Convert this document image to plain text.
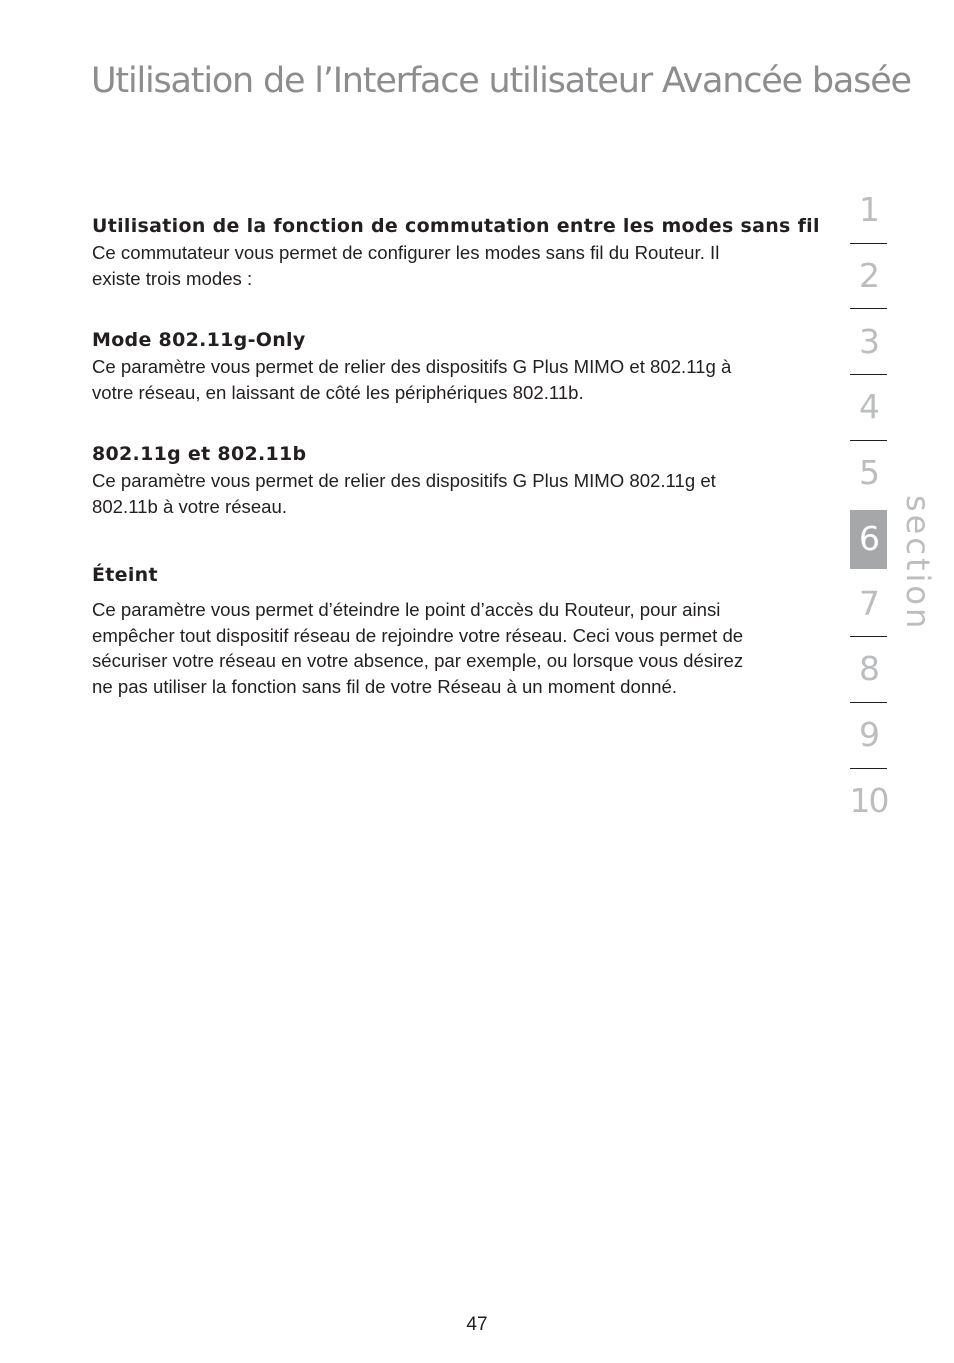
Utilisation de l’Interface utilisateur Avancée basée
Utilisation de la fonction de commutation entre les modes sans fil

Ce commutateur vous permet de configurer les modes sans fil du Routeur. Il
existe trois modes :

Mode 802.11g-Only

Ce paramètre vous permet de relier des dispositifs G Plus MIMO et 802.11g à
votre réseau, en laissant de côté les périphériques 802.11b.

802.11g et 802.11b

Ce paramètre vous permet de relier des dispositifs G Plus MIMO 802.11g et
802.11b à votre réseau.

Éteint

Ce paramètre vous permet d’éteindre le point d’accès du Routeur, pour ainsi
empêcher tout dispositif réseau de rejoindre votre réseau. Ceci vous permet de
sécuriser votre réseau en votre absence, par exemple, ou lorsque vous désirez
ne pas utiliser la fonction sans fil de votre Réseau à un moment donné.

1
2
3
4
5
6
7
8
9
10
section
47
